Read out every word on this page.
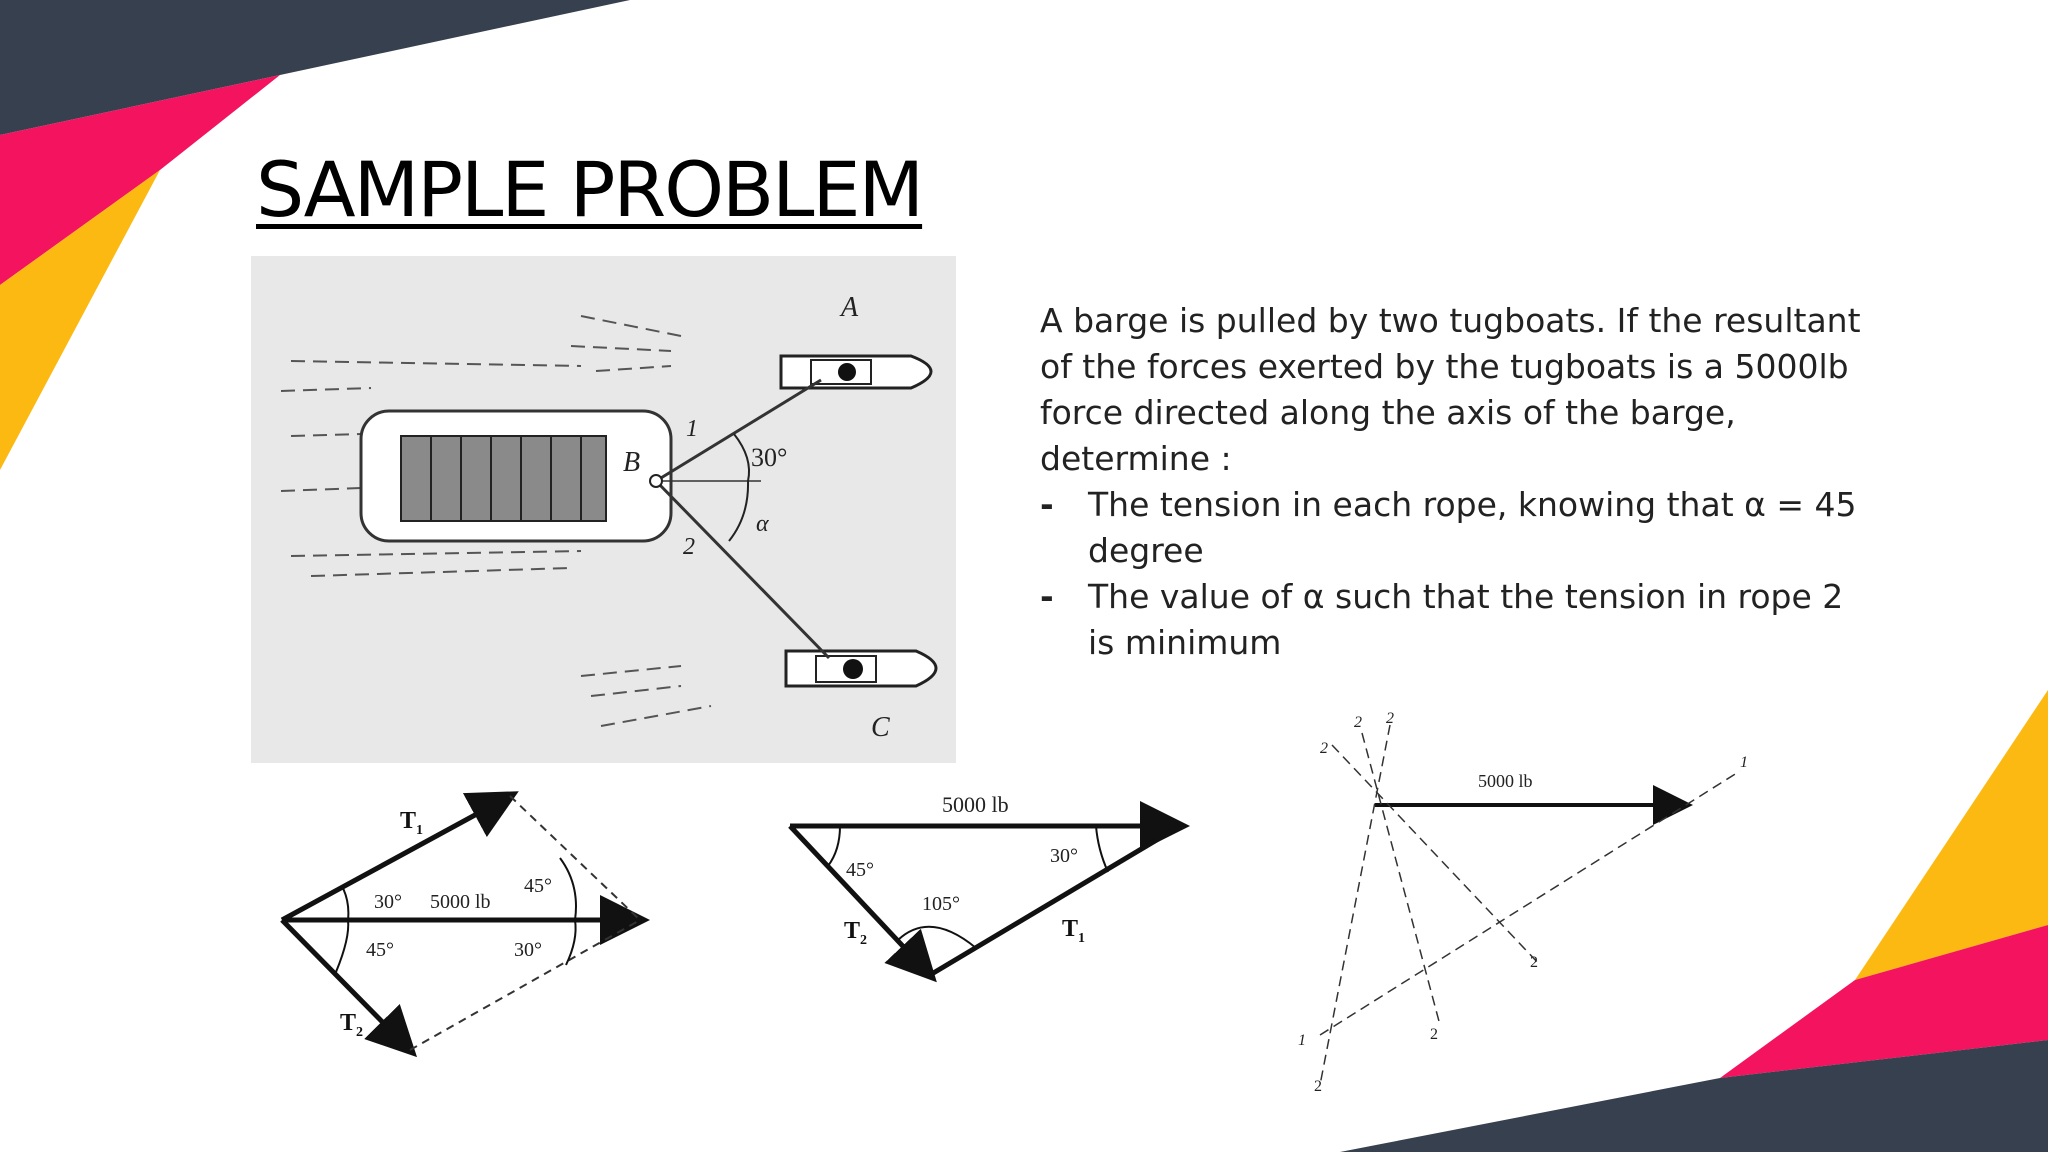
SAMPLE PROBLEM
A
B
C
1
2
30°
α

A barge is pulled by two tugboats. If the resultant of the forces exerted by the tugboats is a 5000lb force directed along the axis of the barge, determine :

- The tension in each rope, knowing that α = 45 degree
- The value of α such that the tension in rope 2 is minimum
T 1
T 2
5000 lb
30°
45°
45°
30°
5000 lb
45°
30°
105°
T 1
T 2
5000 lb
1
1
2
2 2
2
2
2
